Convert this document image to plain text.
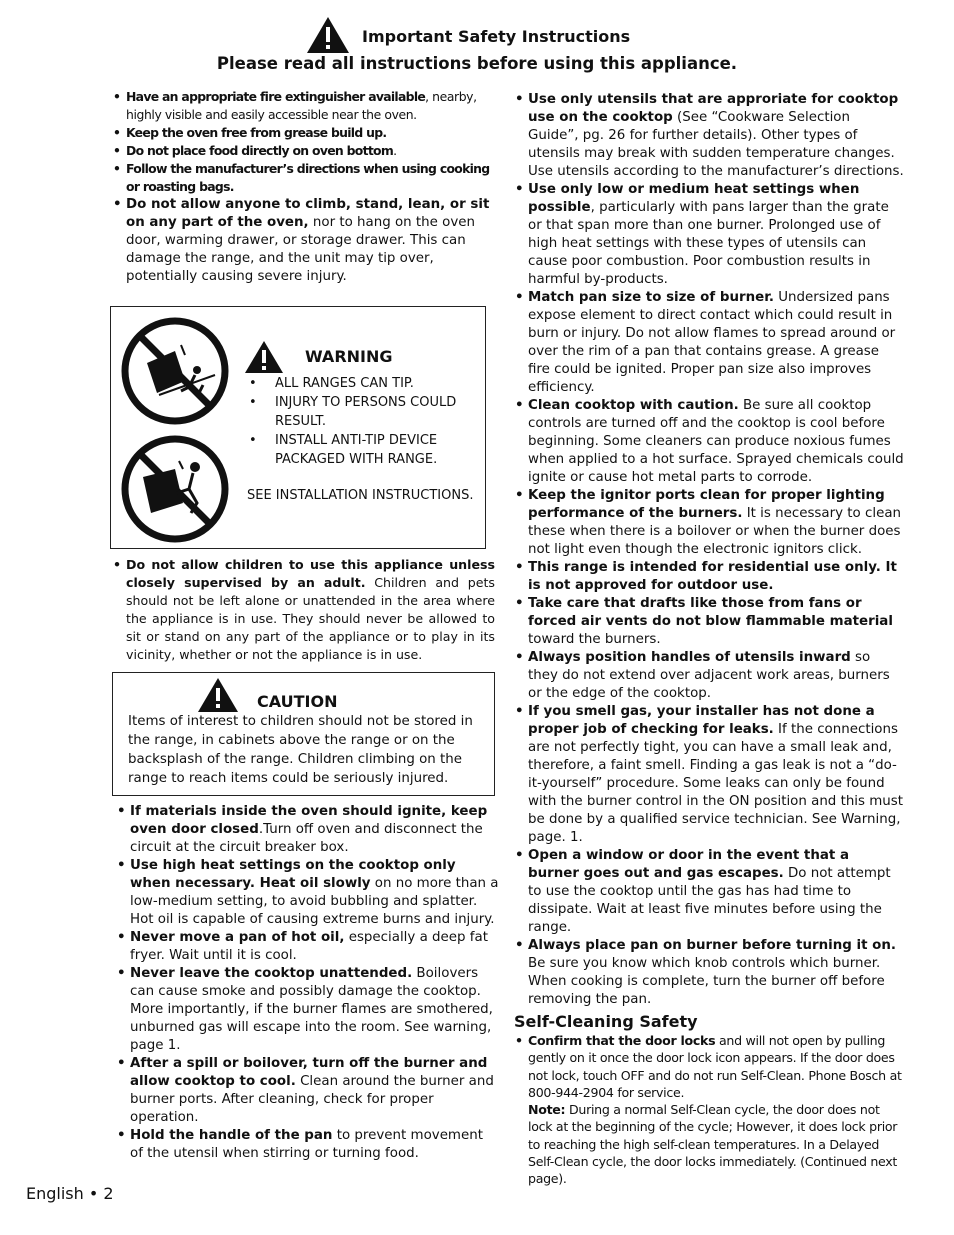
Important Safety Instructions
Please read all instructions before using this appliance.
• Have an appropriate fire extinguisher available, nearby, highly visible and easily accessible near the oven.
• Keep the oven free from grease build up.
• Do not place food directly on oven bottom.
• Follow the manufacturer’s directions when using cooking or roasting bags.
• Do not allow anyone to climb, stand, lean, or sit on any part of the oven, nor to hang on the oven door, warming drawer, or storage drawer. This can damage the range, and the unit may tip over, potentially causing severe injury.
WARNING
• ALL RANGES CAN TIP.
• INJURY TO PERSONS COULD RESULT.
• INSTALL ANTI-TIP DEVICE PACKAGED WITH RANGE.
SEE INSTALLATION INSTRUCTIONS.
• Do not allow children to use this appliance unless closely supervised by an adult. Children and pets should not be left alone or unattended in the area where the appliance is in use. They should never be allowed to sit or stand on any part of the appliance or to play in its vicinity, whether or not the appliance is in use.
CAUTION
Items of interest to children should not be stored in the range, in cabinets above the range or on the backsplash of the range. Children climbing on the range to reach items could be seriously injured.
• If materials inside the oven should ignite, keep oven door closed.Turn off oven and disconnect the circuit at the circuit breaker box.
• Use high heat settings on the cooktop only when necessary. Heat oil slowly on no more than a low-medium setting, to avoid bubbling and splatter. Hot oil is capable of causing extreme burns and injury.
• Never move a pan of hot oil, especially a deep fat fryer. Wait until it is cool.
• Never leave the cooktop unattended. Boilovers can cause smoke and possibly damage the cooktop. More importantly, if the burner flames are smothered, unburned gas will escape into the room. See warning, page 1.
• After a spill or boilover, turn off the burner and allow cooktop to cool. Clean around the burner and burner ports. After cleaning, check for proper operation.
• Hold the handle of the pan to prevent movement of the utensil when stirring or turning food.
• Use only utensils that are approriate for cooktop use on the cooktop (See “Cookware Selection Guide”, pg. 26 for further details). Other types of utensils may break with sudden temperature changes. Use utensils according to the manufacturer’s directions.
• Use only low or medium heat settings when possible, particularly with pans larger than the grate or that span more than one burner. Prolonged use of high heat settings with these types of utensils can cause poor combustion. Poor combustion results in harmful by-products.
• Match pan size to size of burner. Undersized pans expose element to direct contact which could result in burn or injury. Do not allow flames to spread around or over the rim of a pan that contains grease. A grease fire could be ignited. Proper pan size also improves efficiency.
• Clean cooktop with caution. Be sure all cooktop controls are turned off and the cooktop is cool before beginning. Some cleaners can produce noxious fumes when applied to a hot surface. Sprayed chemicals could ignite or cause hot metal parts to corrode.
• Keep the ignitor ports clean for proper lighting performance of the burners. It is necessary to clean these when there is a boilover or when the burner does not light even though the electronic ignitors click.
• This range is intended for residential use only. It is not approved for outdoor use.
• Take care that drafts like those from fans or forced air vents do not blow flammable material toward the burners.
• Always position handles of utensils inward so they do not extend over adjacent work areas, burners or the edge of the cooktop.
• If you smell gas, your installer has not done a proper job of checking for leaks. If the connections are not perfectly tight, you can have a small leak and, therefore, a faint smell. Finding a gas leak is not a “do-it-yourself” procedure. Some leaks can only be found with the burner control in the ON position and this must be done by a qualified service technician. See Warning, page. 1.
• Open a window or door in the event that a burner goes out and gas escapes. Do not attempt to use the cooktop until the gas has had time to dissipate. Wait at least five minutes before using the range.
• Always place pan on burner before turning it on. Be sure you know which knob controls which burner. When cooking is complete, turn the burner off before removing the pan.
Self-Cleaning Safety
• Confirm that the door locks and will not open by pulling gently on it once the door lock icon appears. If the door does not lock, touch OFF and do not run Self-Clean. Phone Bosch at 800-944-2904 for service.
Note: During a normal Self-Clean cycle, the door does not lock at the beginning of the cycle; However, it does lock prior to reaching the high self-clean temperatures. In a Delayed Self-Clean cycle, the door locks immediately. (Continued next page).
English • 2
